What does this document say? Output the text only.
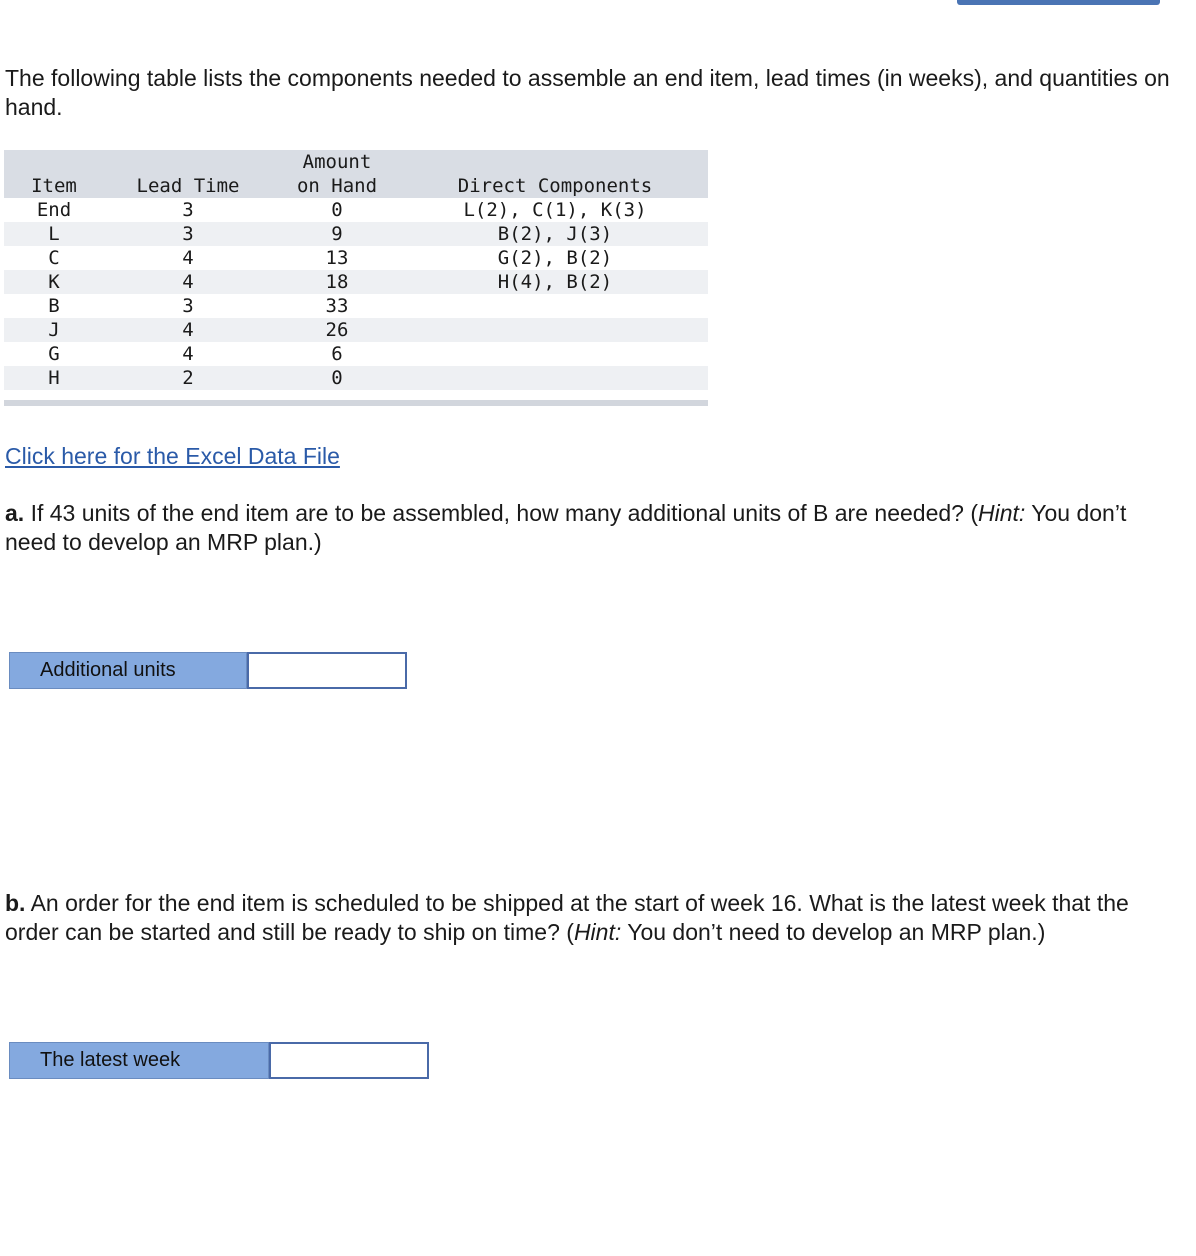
The following table lists the components needed to assemble an end item, lead times (in weeks), and quantities on hand.

		Amount	
Item	Lead Time	on Hand	Direct Components
End	3	0	L(2), C(1), K(3)
L	3	9	B(2), J(3)
C	4	13	G(2), B(2)
K	4	18	H(4), B(2)
B	3	33	
J	4	26	
G	4	6	
H	2	0	
Click here for the Excel Data File

a. If 43 units of the end item are to be assembled, how many additional units of B are needed? (Hint: You don’t need to develop an MRP plan.)

Additional units

b. An order for the end item is scheduled to be shipped at the start of week 16. What is the latest week that the order can be started and still be ready to ship on time? (Hint: You don’t need to develop an MRP plan.)

The latest week
